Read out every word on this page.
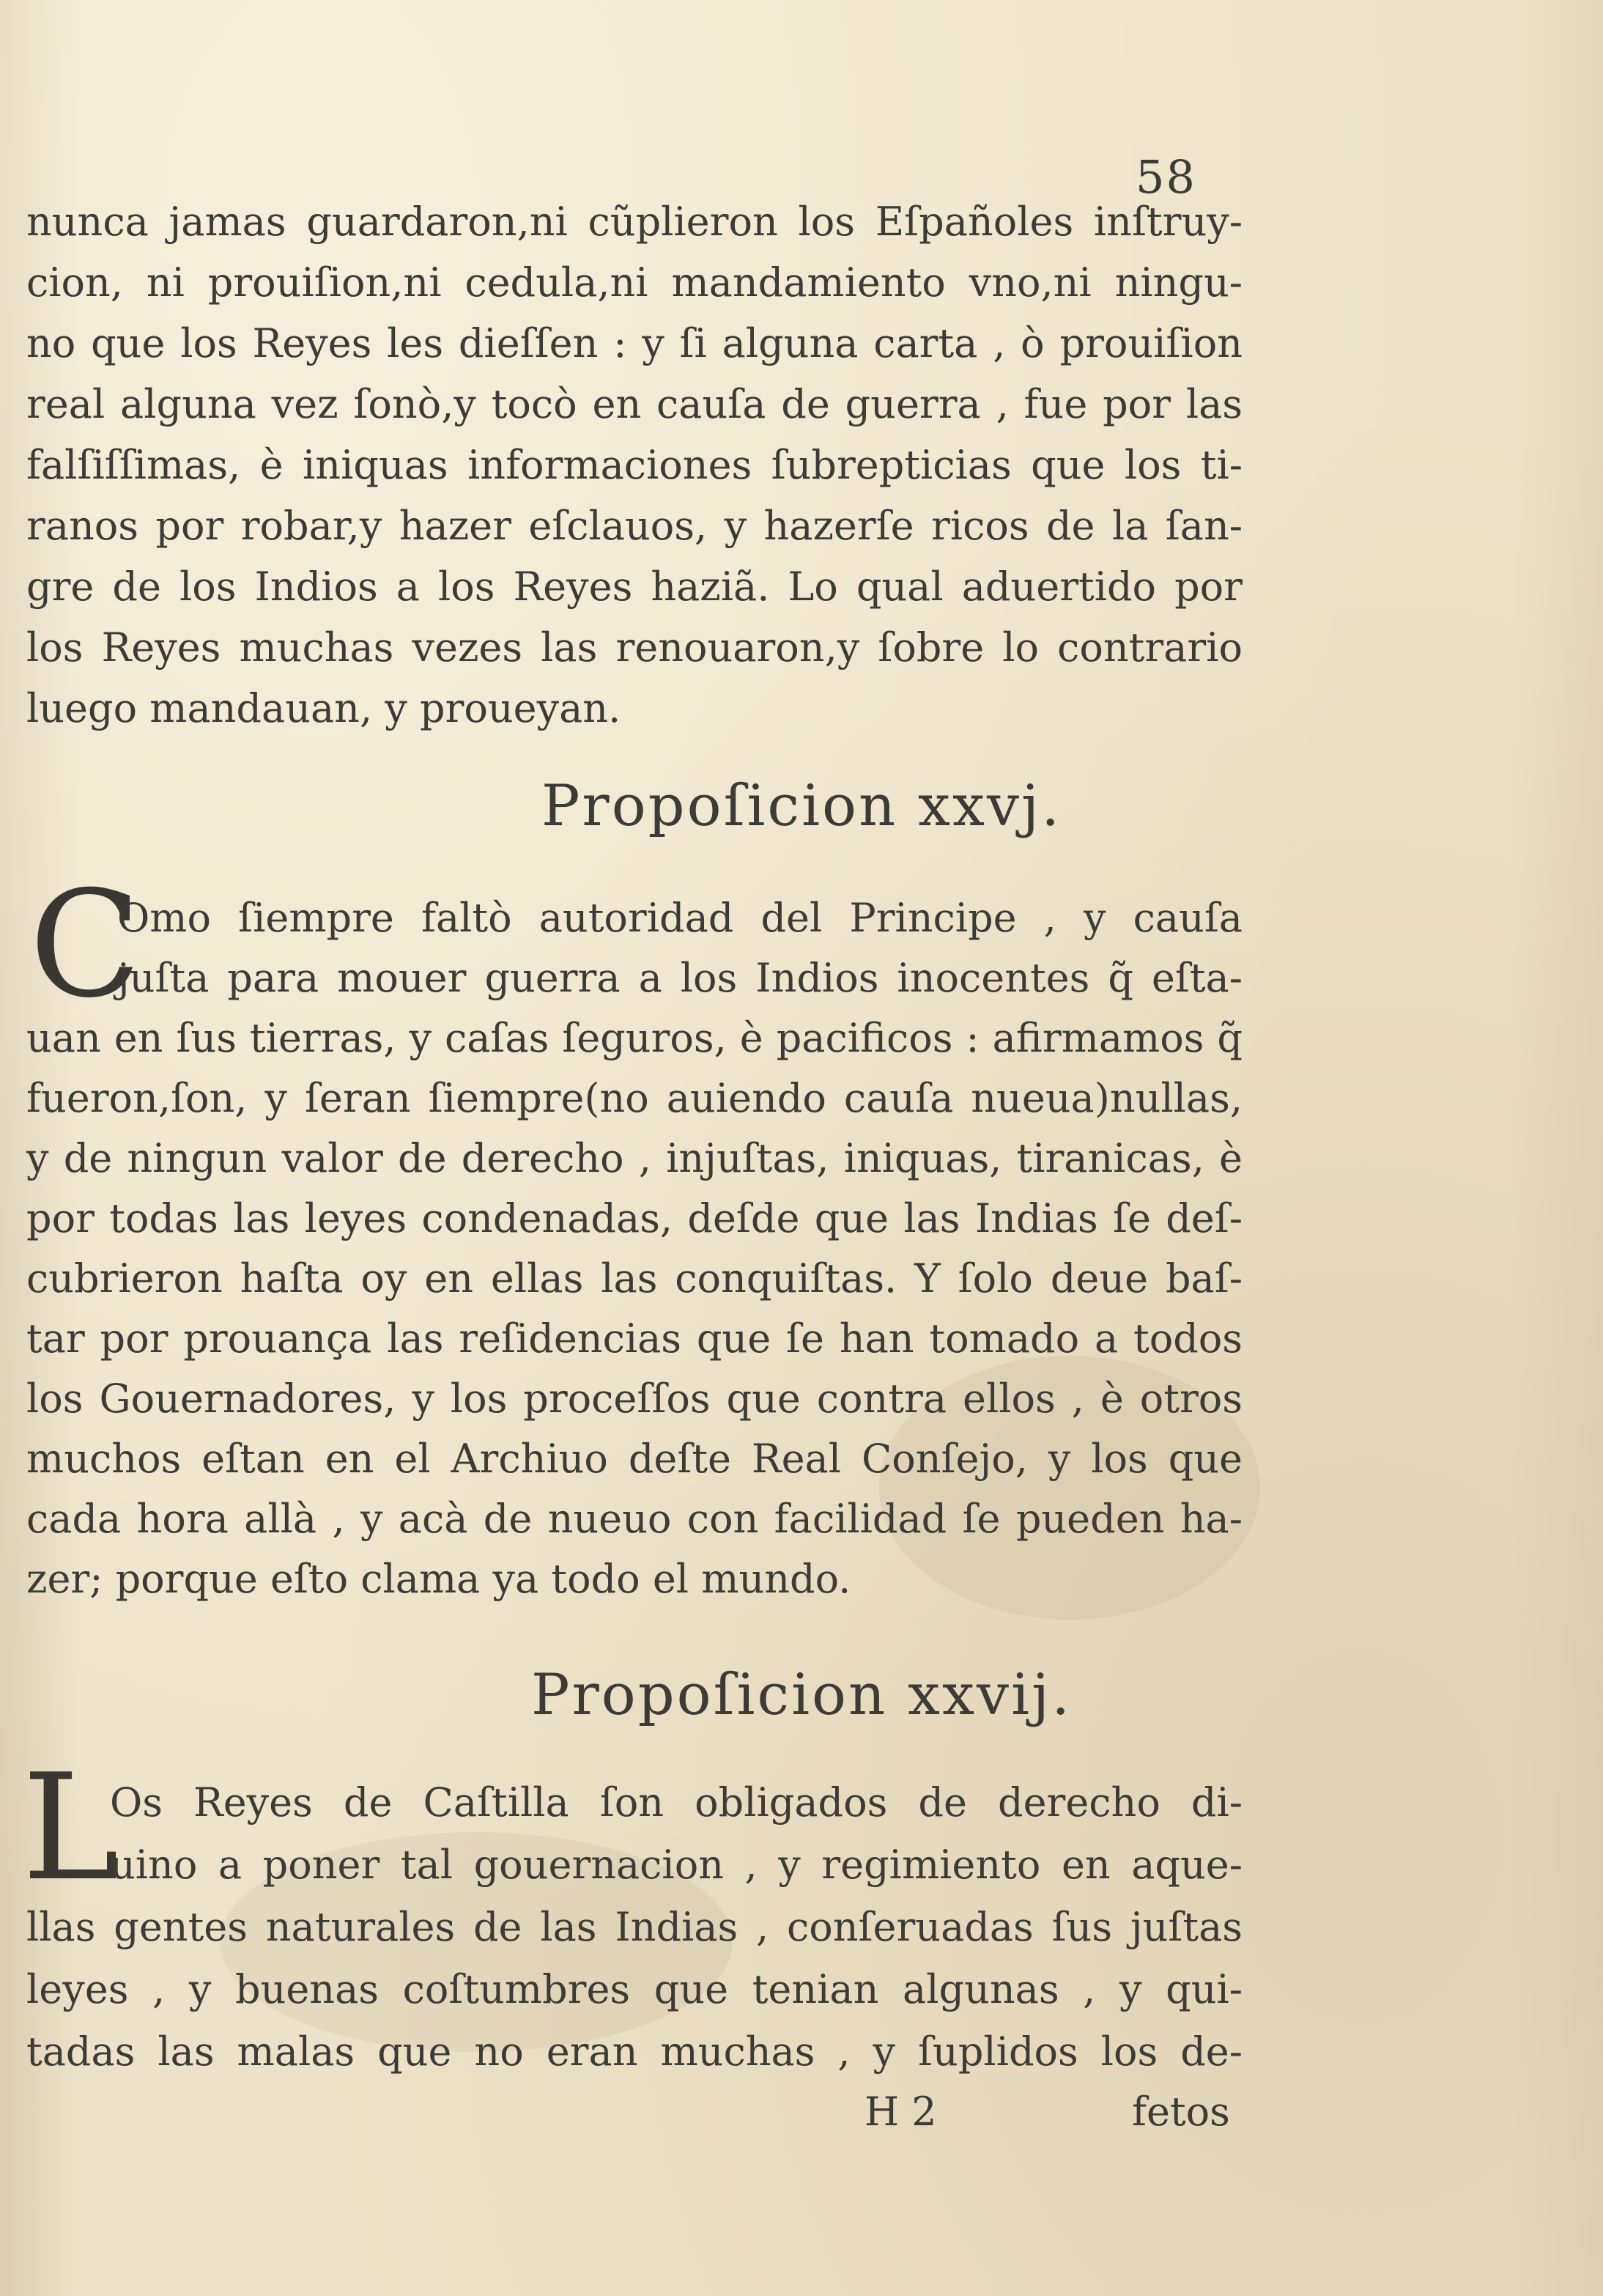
58
nunca jamas guardaron,ni cũplieron los Eſpañoles inſtruy-
cion, ni prouiſion,ni cedula,ni mandamiento vno,ni ningu-
no que los Reyes les dieſſen : y ſi alguna carta , ò prouiſion
real alguna vez ſonò,y tocò en cauſa de guerra , fue por las
falſiſſimas, è iniquas informaciones ſubrepticias que los ti-
ranos por robar,y hazer eſclauos, y hazerſe ricos de la ſan-
gre de los Indios a los Reyes haziã. Lo qual aduertido por
los Reyes muchas vezes las renouaron,y ſobre lo contrario
luego mandauan, y proueyan.
Propoſicion xxvj.
C
Omo ſiempre faltò autoridad del Principe , y cauſa
juſta para mouer guerra a los Indios inocentes q̃ eſta-
uan en ſus tierras, y caſas ſeguros, è pacificos : afirmamos q̃
fueron,ſon, y ſeran ſiempre(no auiendo cauſa nueua)nullas,
y de ningun valor de derecho , injuſtas, iniquas, tiranicas, è
por todas las leyes condenadas, deſde que las Indias ſe deſ-
cubrieron haſta oy en ellas las conquiſtas. Y ſolo deue baſ-
tar por prouança las reſidencias que ſe han tomado a todos
los Gouernadores, y los proceſſos que contra ellos , è otros
muchos eſtan en el Archiuo deſte Real Conſejo, y los que
cada hora allà , y acà de nueuo con facilidad ſe pueden ha-
zer; porque eſto clama ya todo el mundo.
Propoſicion xxvij.
L
Os Reyes de Caſtilla ſon obligados de derecho di-
uino a poner tal gouernacion , y regimiento en aque-
llas gentes naturales de las Indias , conſeruadas ſus juſtas
leyes , y buenas coſtumbres que tenian algunas , y qui-
tadas las malas que no eran muchas , y ſuplidos los de-
H 2	fetos
